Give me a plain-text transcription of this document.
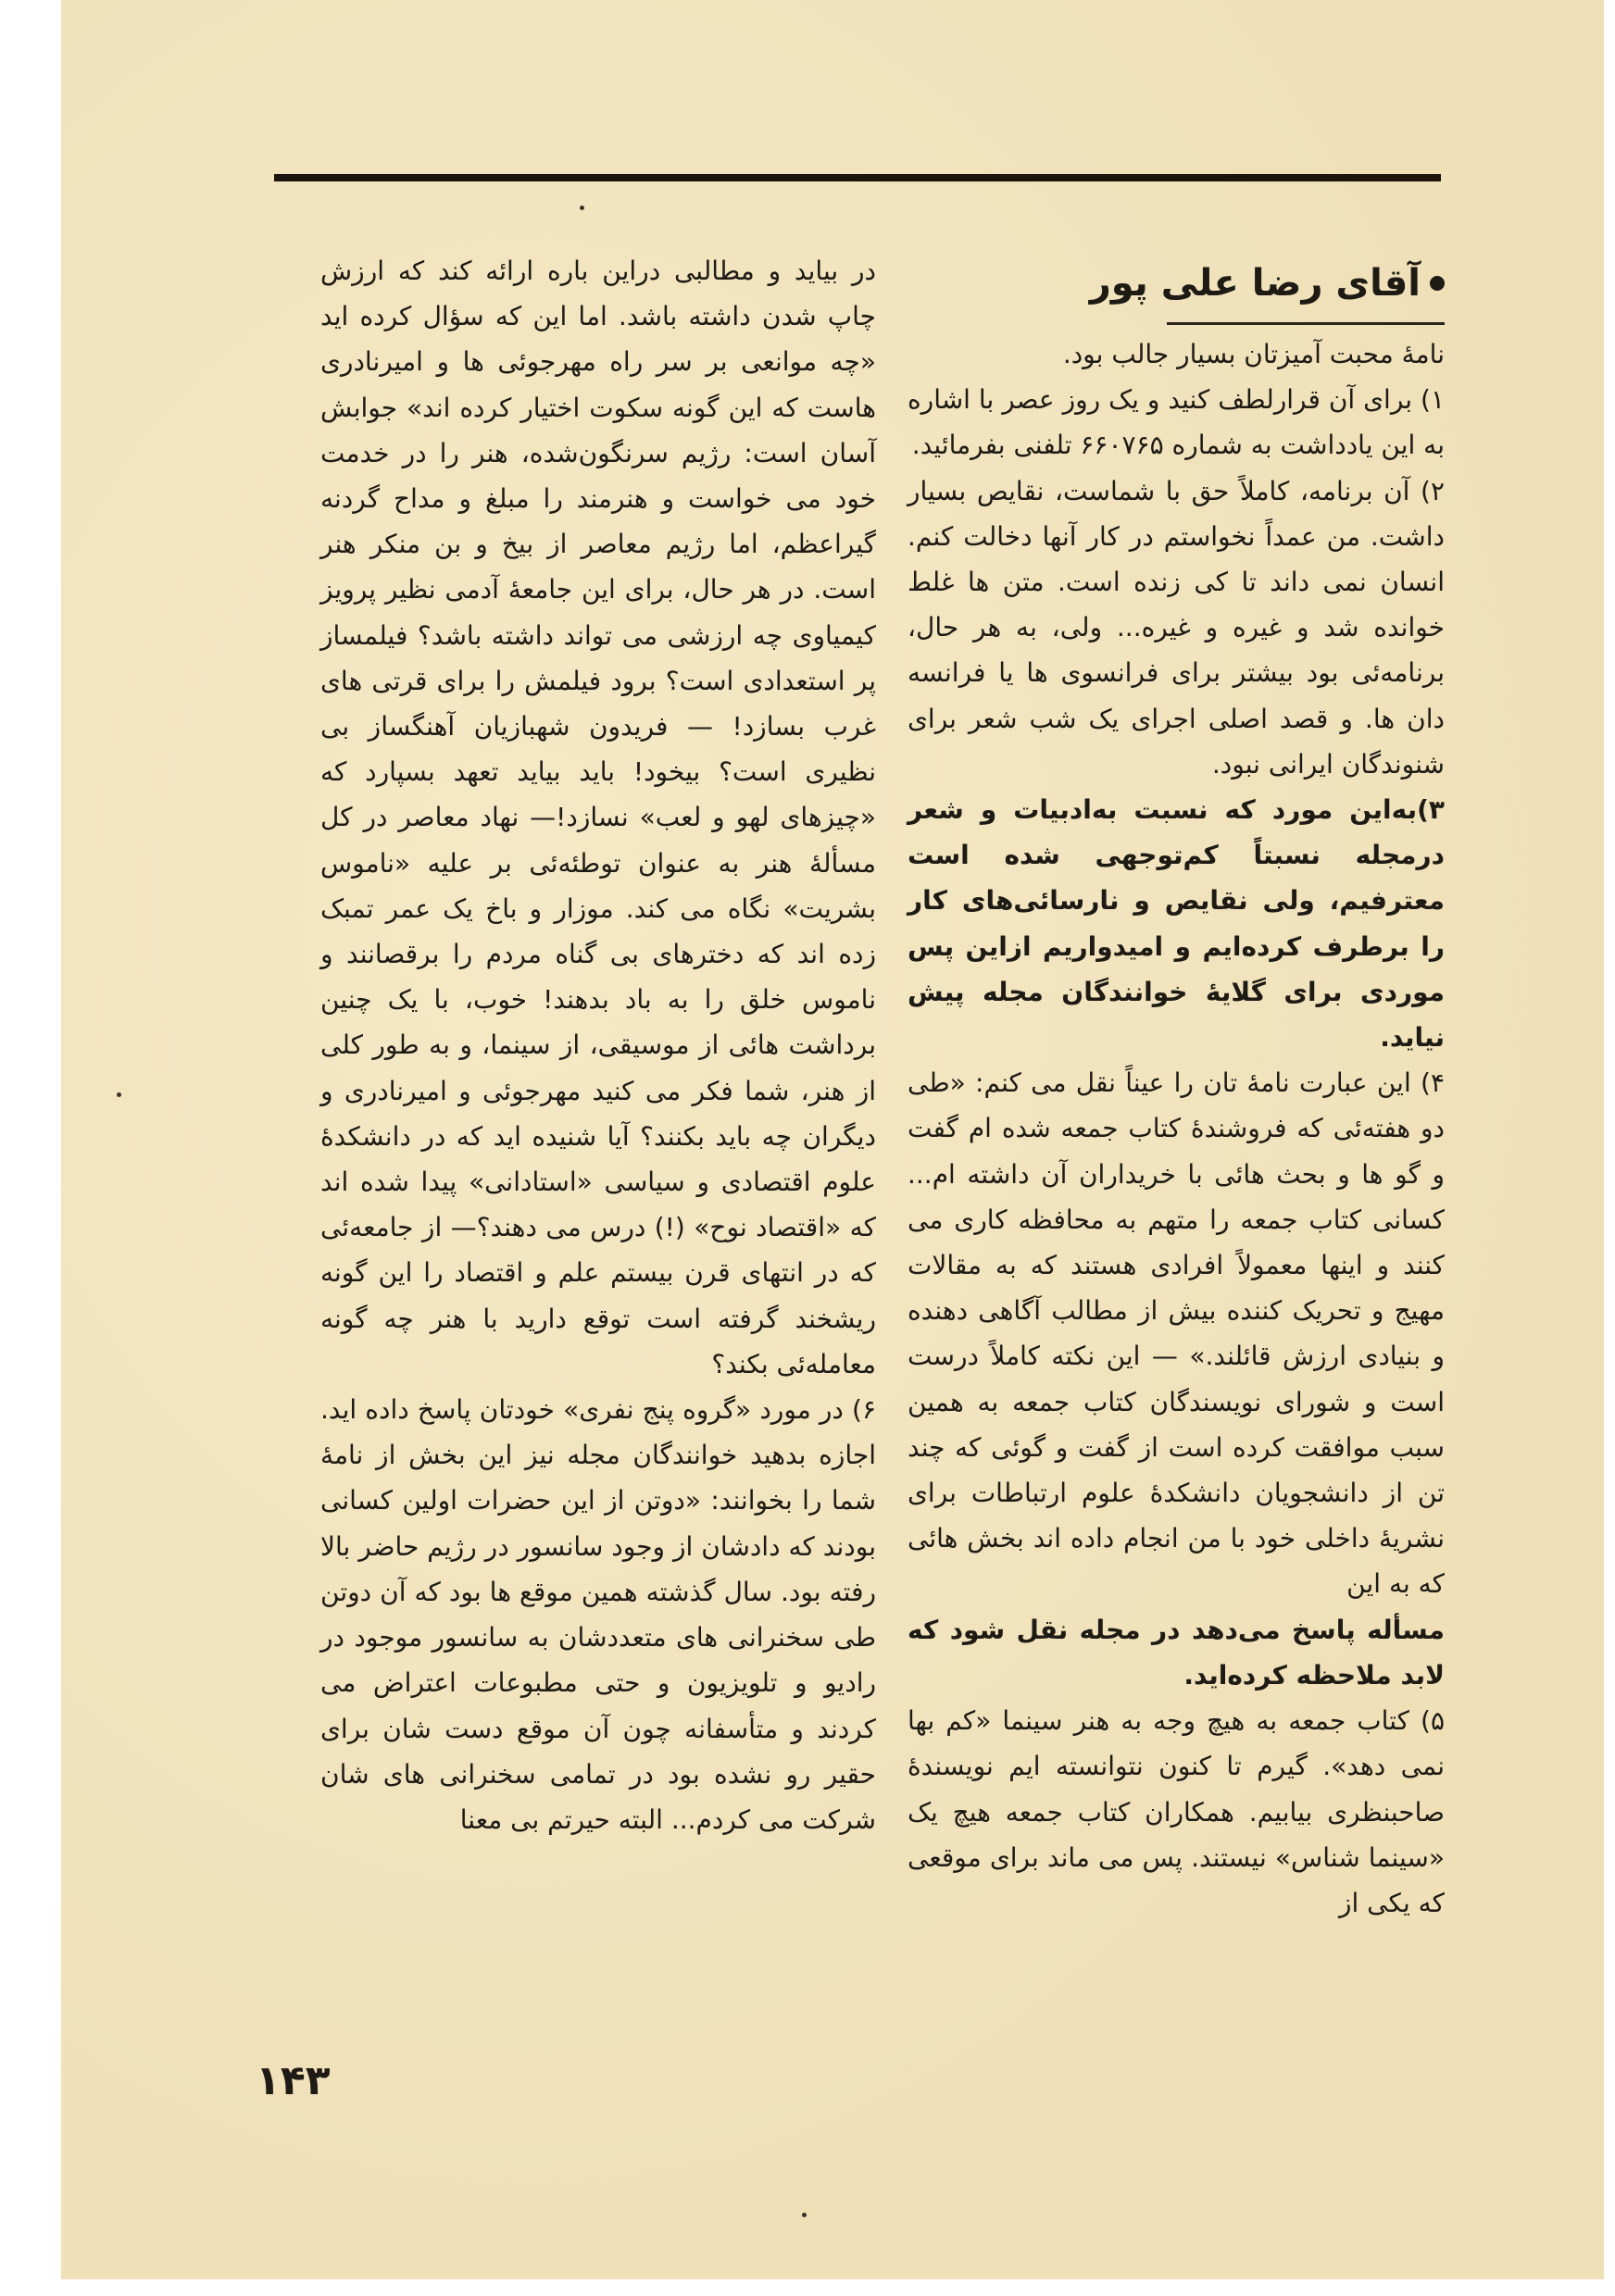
آقای رضا علی پور

نامهٔ محبت آمیزتان بسیار جالب بود.

۱) برای آن قرارلطف کنید و یک روز عصر با اشاره به این یادداشت به شماره ۶۶۰۷۶۵ تلفنی بفرمائید.

۲) آن برنامه، کاملاً حق با شماست، نقایص بسیار داشت. من عمداً نخواستم در کار آنها دخالت کنم. انسان نمی داند تا کی زنده است. متن ها غلط خوانده شد و غیره و غیره... ولی، به هر حال، برنامه‌ئی بود بیشتر برای فرانسوی ها یا فرانسه دان ها. و قصد اصلی اجرای یک شب شعر برای شنوندگان ایرانی نبود.

۳)به‌این مورد که نسبت به‌ادبیات و شعر درمجله نسبتاً کم‌توجهی شده است معترفیم، ولی نقایص و نارسائی‌های کار را برطرف کرده‌ایم و امیدواریم ازاین پس موردی برای گلایهٔ خوانندگان مجله پیش نیاید.

۴) این عبارت نامهٔ تان را عیناً نقل می کنم: «طی دو هفته‌ئی که فروشندهٔ کتاب جمعه شده ام گفت و گو ها و بحث هائی با خریداران آن داشته ام... کسانی کتاب جمعه را متهم به محافظه کاری می کنند و اینها معمولاً افرادی هستند که به مقالات مهیج و تحریک کننده بیش از مطالب آگاهی دهنده و بنیادی ارزش قائلند.» — این نکته کاملاً درست است و شورای نویسندگان کتاب جمعه به همین سبب موافقت کرده است از گفت و گوئی که چند تن از دانشجویان دانشکدهٔ علوم ارتباطات برای نشریهٔ داخلی خود با من انجام داده اند بخش هائی که به این

مسأله پاسخ می‌دهد در مجله نقل شود که لابد ملاحظه کرده‌اید.

۵) کتاب جمعه به هیچ وجه به هنر سینما «کم بها نمی دهد». گیرم تا کنون نتوانسته ایم نویسندهٔ صاحبنظری بیابیم. همکاران کتاب جمعه هیچ یک «سینما شناس» نیستند. پس می ماند برای موقعی که یکی از

در بیاید و مطالبی دراین باره ارائه کند که ارزش چاپ شدن داشته باشد. اما این که سؤال کرده اید «چه موانعی بر سر راه مهرجوئی ها و امیرنادری هاست که این گونه سکوت اختیار کرده اند» جوابش آسان است: رژیم سرنگون‌شده، هنر را در خدمت خود می خواست و هنرمند را مبلغ و مداح گردنه گیراعظم، اما رژیم معاصر از بیخ و بن منکر هنر است. در هر حال، برای این جامعهٔ آدمی نظیر پرویز کیمیاوی چه ارزشی می تواند داشته باشد؟ فیلمساز پر استعدادی است؟ برود فیلمش را برای قرتی های غرب بسازد! — فریدون شهبازیان آهنگساز بی نظیری است؟ بیخود! باید بیاید تعهد بسپارد که «چیزهای لهو و لعب» نسازد!— نهاد معاصر در کل مسألهٔ هنر به عنوان توطئه‌ئی بر علیه «ناموس بشریت» نگاه می کند. موزار و باخ یک عمر تمبک زده اند که دخترهای بی گناه مردم را برقصانند و ناموس خلق را به باد بدهند! خوب، با یک چنین برداشت هائی از موسیقی، از سینما، و به طور کلی از هنر، شما فکر می کنید مهرجوئی و امیرنادری و دیگران چه باید بکنند؟ آیا شنیده اید که در دانشکدهٔ علوم اقتصادی و سیاسی «استادانی» پیدا شده اند که «اقتصاد نوح» (!) درس می دهند؟— از جامعه‌ئی که در انتهای قرن بیستم علم و اقتصاد را این گونه ریشخند گرفته است توقع دارید با هنر چه گونه معامله‌ئی بکند؟

۶) در مورد «گروه پنج نفری» خودتان پاسخ داده اید. اجازه بدهید خوانندگان مجله نیز این بخش از نامهٔ شما را بخوانند: «دوتن از این حضرات اولین کسانی بودند که دادشان از وجود سانسور در رژیم حاضر بالا رفته بود. سال گذشته همین موقع ها بود که آن دوتن طی سخنرانی های متعددشان به سانسور موجود در رادیو و تلویزیون و حتی مطبوعات اعتراض می کردند و متأسفانه چون آن موقع دست شان برای حقیر رو نشده بود در تمامی سخنرانی های شان شرکت می کردم... البته حیرتم بی معنا

۱۴۳
